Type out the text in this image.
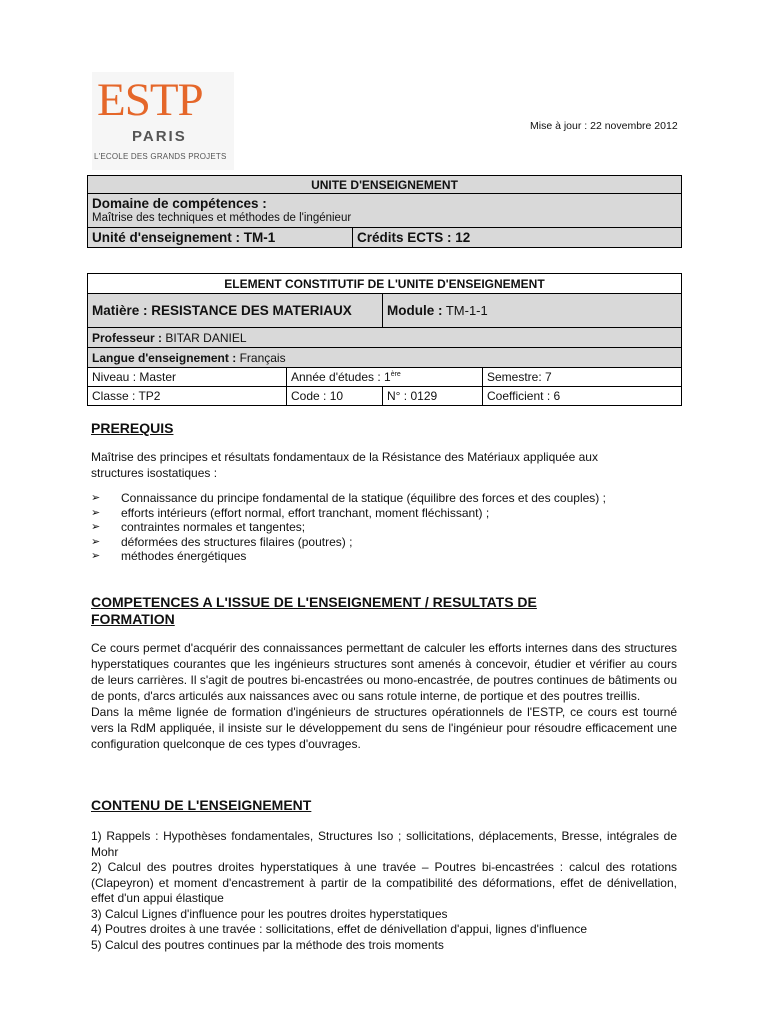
ESTP
PARIS
L'ECOLE DES GRANDS PROJETS
Mise à jour : 22 novembre 2012
UNITE D'ENSEIGNEMENT

Domaine de compétences :
Maîtrise des techniques et méthodes de l'ingénieur

Unité d'enseignement : TM-1	Crédits ECTS : 12
ELEMENT CONSTITUTIF DE L'UNITE D'ENSEIGNEMENT			
Matière : RESISTANCE DES MATERIAUX		Module : TM-1-1	
Professeur : BITAR DANIEL			
Langue d'enseignement : Français			
Niveau : Master	Année d'études : 1ère		Semestre: 7
Classe : TP2	Code : 10	N° : 0129	Coefficient : 6
PREREQUIS
Maîtrise des principes et résultats fondamentaux de la Résistance des Matériaux appliquée aux structures isostatiques :
➢ Connaissance du principe fondamental de la statique (équilibre des forces et des couples) ;
➢ efforts intérieurs (effort normal, effort tranchant, moment fléchissant) ;
➢ contraintes normales et tangentes;
➢ déformées des structures filaires (poutres) ;
➢ méthodes énergétiques
COMPETENCES A L'ISSUE DE L'ENSEIGNEMENT / RESULTATS DE
FORMATION
Ce cours permet d'acquérir des connaissances permettant de calculer les efforts internes dans des structures hyperstatiques courantes que les ingénieurs structures sont amenés à concevoir, étudier et vérifier au cours de leurs carrières. Il s'agit de poutres bi-encastrées ou mono-encastrée, de poutres continues de bâtiments ou de ponts, d'arcs articulés aux naissances avec ou sans rotule interne, de portique et des poutres treillis.
Dans la même lignée de formation d'ingénieurs de structures opérationnels de l'ESTP, ce cours est tourné vers la RdM appliquée, il insiste sur le développement du sens de l'ingénieur pour résoudre efficacement une configuration quelconque de ces types d'ouvrages.
CONTENU DE L'ENSEIGNEMENT
1) Rappels : Hypothèses fondamentales, Structures Iso ; sollicitations, déplacements, Bresse, intégrales de Mohr
2) Calcul des poutres droites hyperstatiques à une travée – Poutres bi-encastrées : calcul des rotations (Clapeyron) et moment d'encastrement à partir de la compatibilité des déformations, effet de dénivellation, effet d'un appui élastique
3) Calcul Lignes d'influence pour les poutres droites hyperstatiques
4) Poutres droites à une travée : sollicitations, effet de dénivellation d'appui, lignes d'influence
5) Calcul des poutres continues par la méthode des trois moments
